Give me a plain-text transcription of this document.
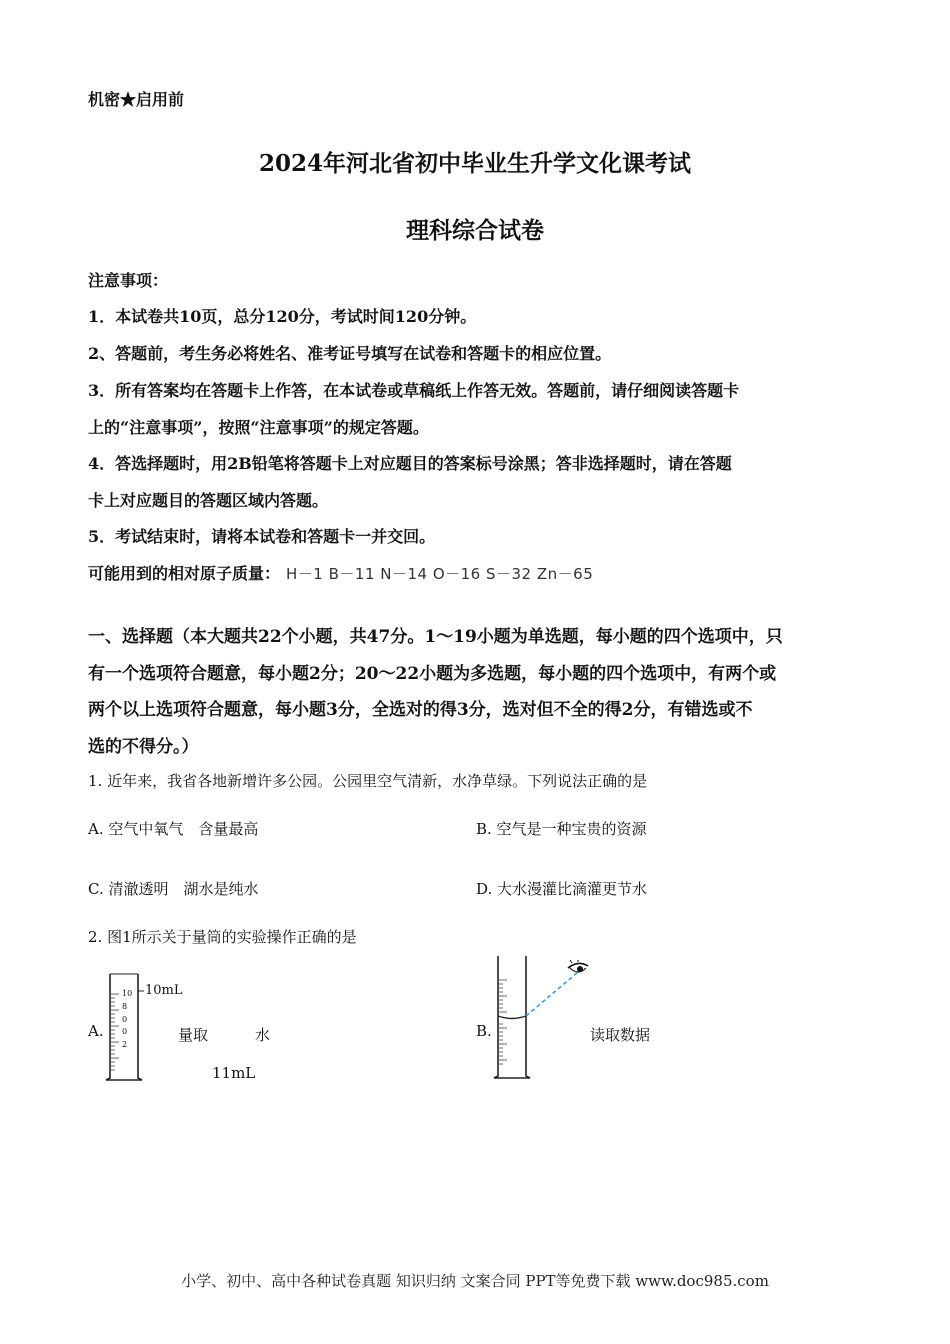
机密★启用前
2024年河北省初中毕业生升学文化课考试
理科综合试卷
注意事项：
1．本试卷共10页，总分120分，考试时间120分钟。
2、答题前，考生务必将姓名、准考证号填写在试卷和答题卡的相应位置。
3．所有答案均在答题卡上作答，在本试卷或草稿纸上作答无效。答题前，请仔细阅读答题卡
上的“注意事项”，按照“注意事项”的规定答题。
4．答选择题时，用2B铅笔将答题卡上对应题目的答案标号涂黑；答非选择题时，请在答题
卡上对应题目的答题区域内答题。
5．考试结束时，请将本试卷和答题卡一并交回。
可能用到的相对原子质量： H－1 B－11 N－14 O－16 S－32 Zn－65
一、选择题（本大题共22个小题，共47分。1～19小题为单选题，每小题的四个选项中，只
有一个选项符合题意，每小题2分；20～22小题为多选题，每小题的四个选项中，有两个或
两个以上选项符合题意，每小题3分，全选对的得3分，选对但不全的得2分，有错选或不
选的不得分。）
1. 近年来，我省各地新增许多公园。公园里空气清新，水净草绿。下列说法正确的是
A. 空气中氧气　含量最高	B. 空气是一种宝贵的资源
C. 清澈透明　湖水是纯水	D. 大水漫灌比滴灌更节水
2. 图1所示关于量筒的实验操作正确的是
A.
10
8
0
0
2
10mL
量取	水
11mL
B.	读取数据
小学、初中、高中各种试卷真题 知识归纳 文案合同 PPT等免费下载 www.doc985.com
